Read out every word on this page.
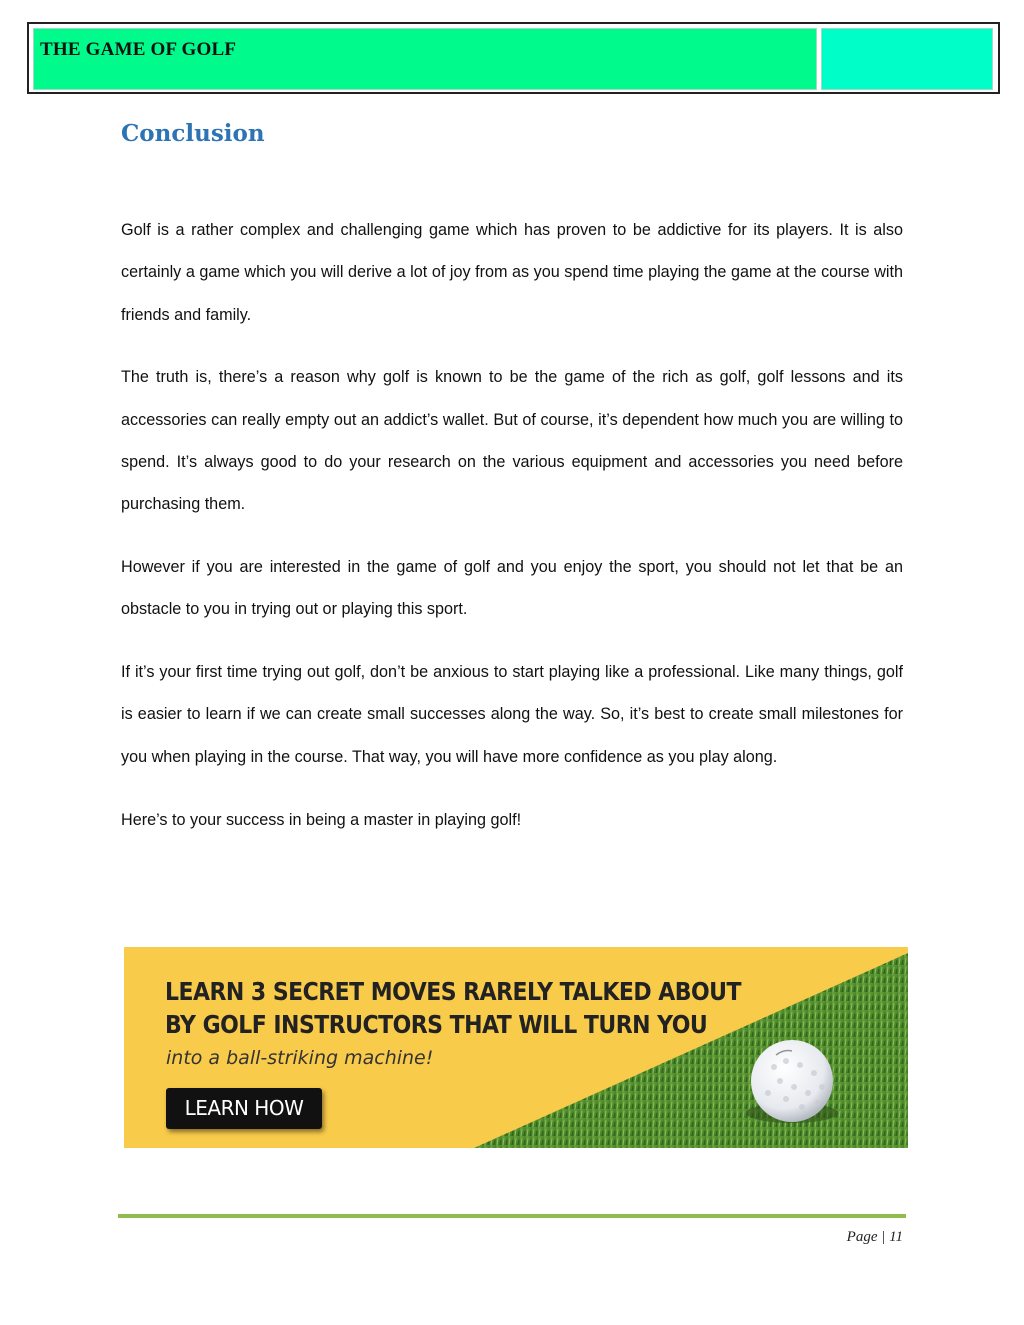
THE GAME OF GOLF
Conclusion

Golf is a rather complex and challenging game which has proven to be addictive for its players. It is also certainly a game which you will derive a lot of joy from as you spend time playing the game at the course with friends and family.

The truth is, there’s a reason why golf is known to be the game of the rich as golf, golf lessons and its accessories can really empty out an addict’s wallet. But of course, it’s dependent how much you are willing to spend. It’s always good to do your research on the various equipment and accessories you need before purchasing them.

However if you are interested in the game of golf and you enjoy the sport, you should not let that be an obstacle to you in trying out or playing this sport.

If it’s your first time trying out golf, don’t be anxious to start playing like a professional. Like many things, golf is easier to learn if we can create small successes along the way. So, it’s best to create small milestones for you when playing in the course. That way, you will have more confidence as you play along.

Here’s to your success in being a master in playing golf!

LEARN 3 SECRET MOVES RARELY TALKED ABOUT
BY GOLF INSTRUCTORS THAT WILL TURN YOU
into a ball-striking machine!
LEARN HOW
Page | 11
